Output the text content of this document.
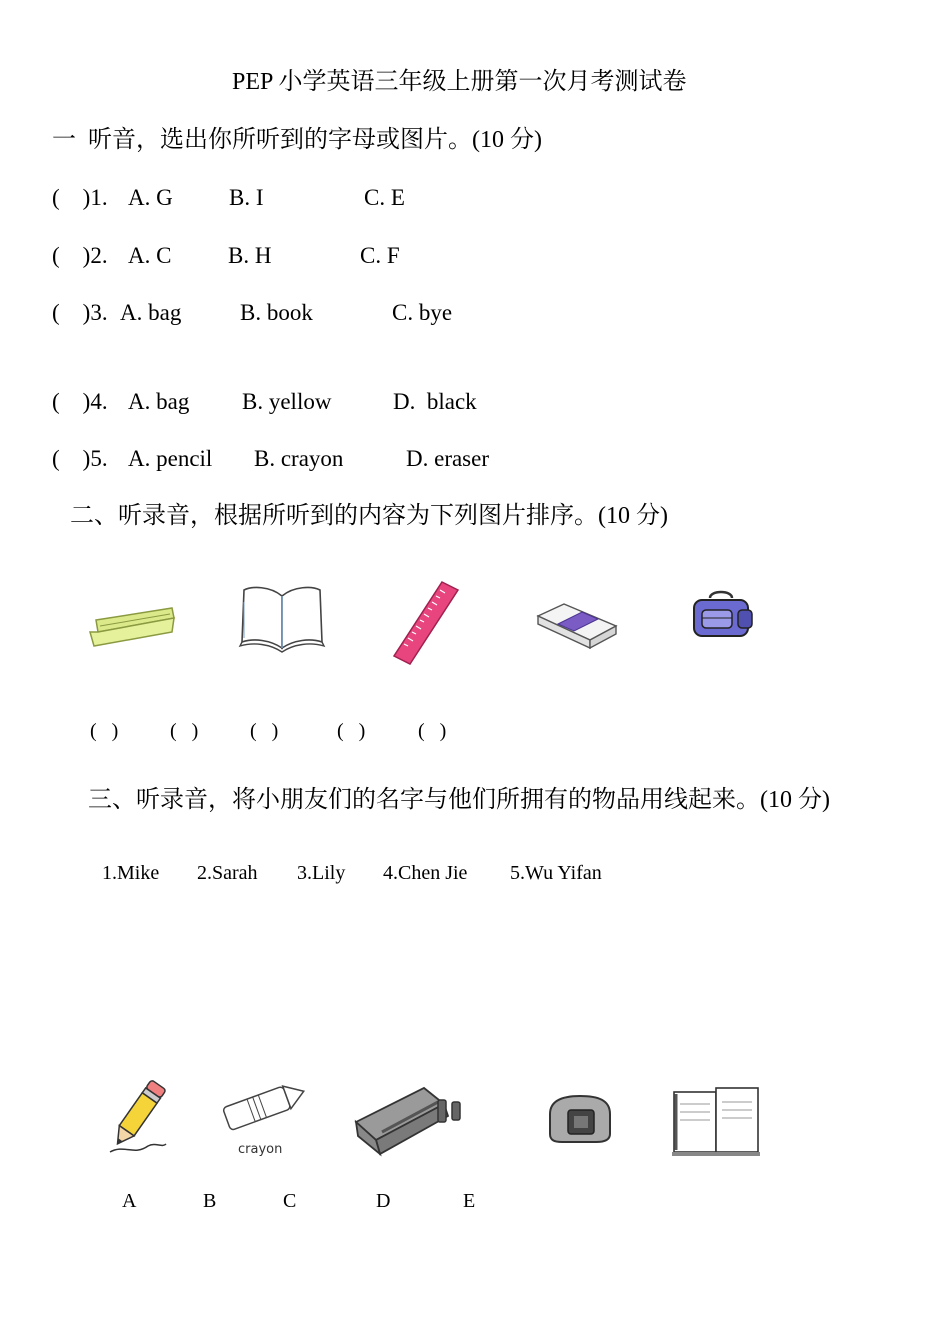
PEP 小学英语三年级上册第一次月考测试卷
一  听音，选出你所听到的字母或图片。(10 分)
(    )1. A. G B. I	C. E
(    )2. A. C B. H	C. F
(    )3. A. bag	B. book	C. bye
(    )4. A. bag B. yellow	D.  black
(    )5. A. pencil B. crayon	D. eraser
二、听录音，根据所听到的内容为下列图片排序。(10 分)
(   )	(   )	(   )	(   )	(   )
三、听录音，将小朋友们的名字与他们所拥有的物品用线起来。(10 分)
1.Mike 2.Sarah 3.Lily 4.Chen Jie 5.Wu Yifan
crayon
A	B	C	D	E
